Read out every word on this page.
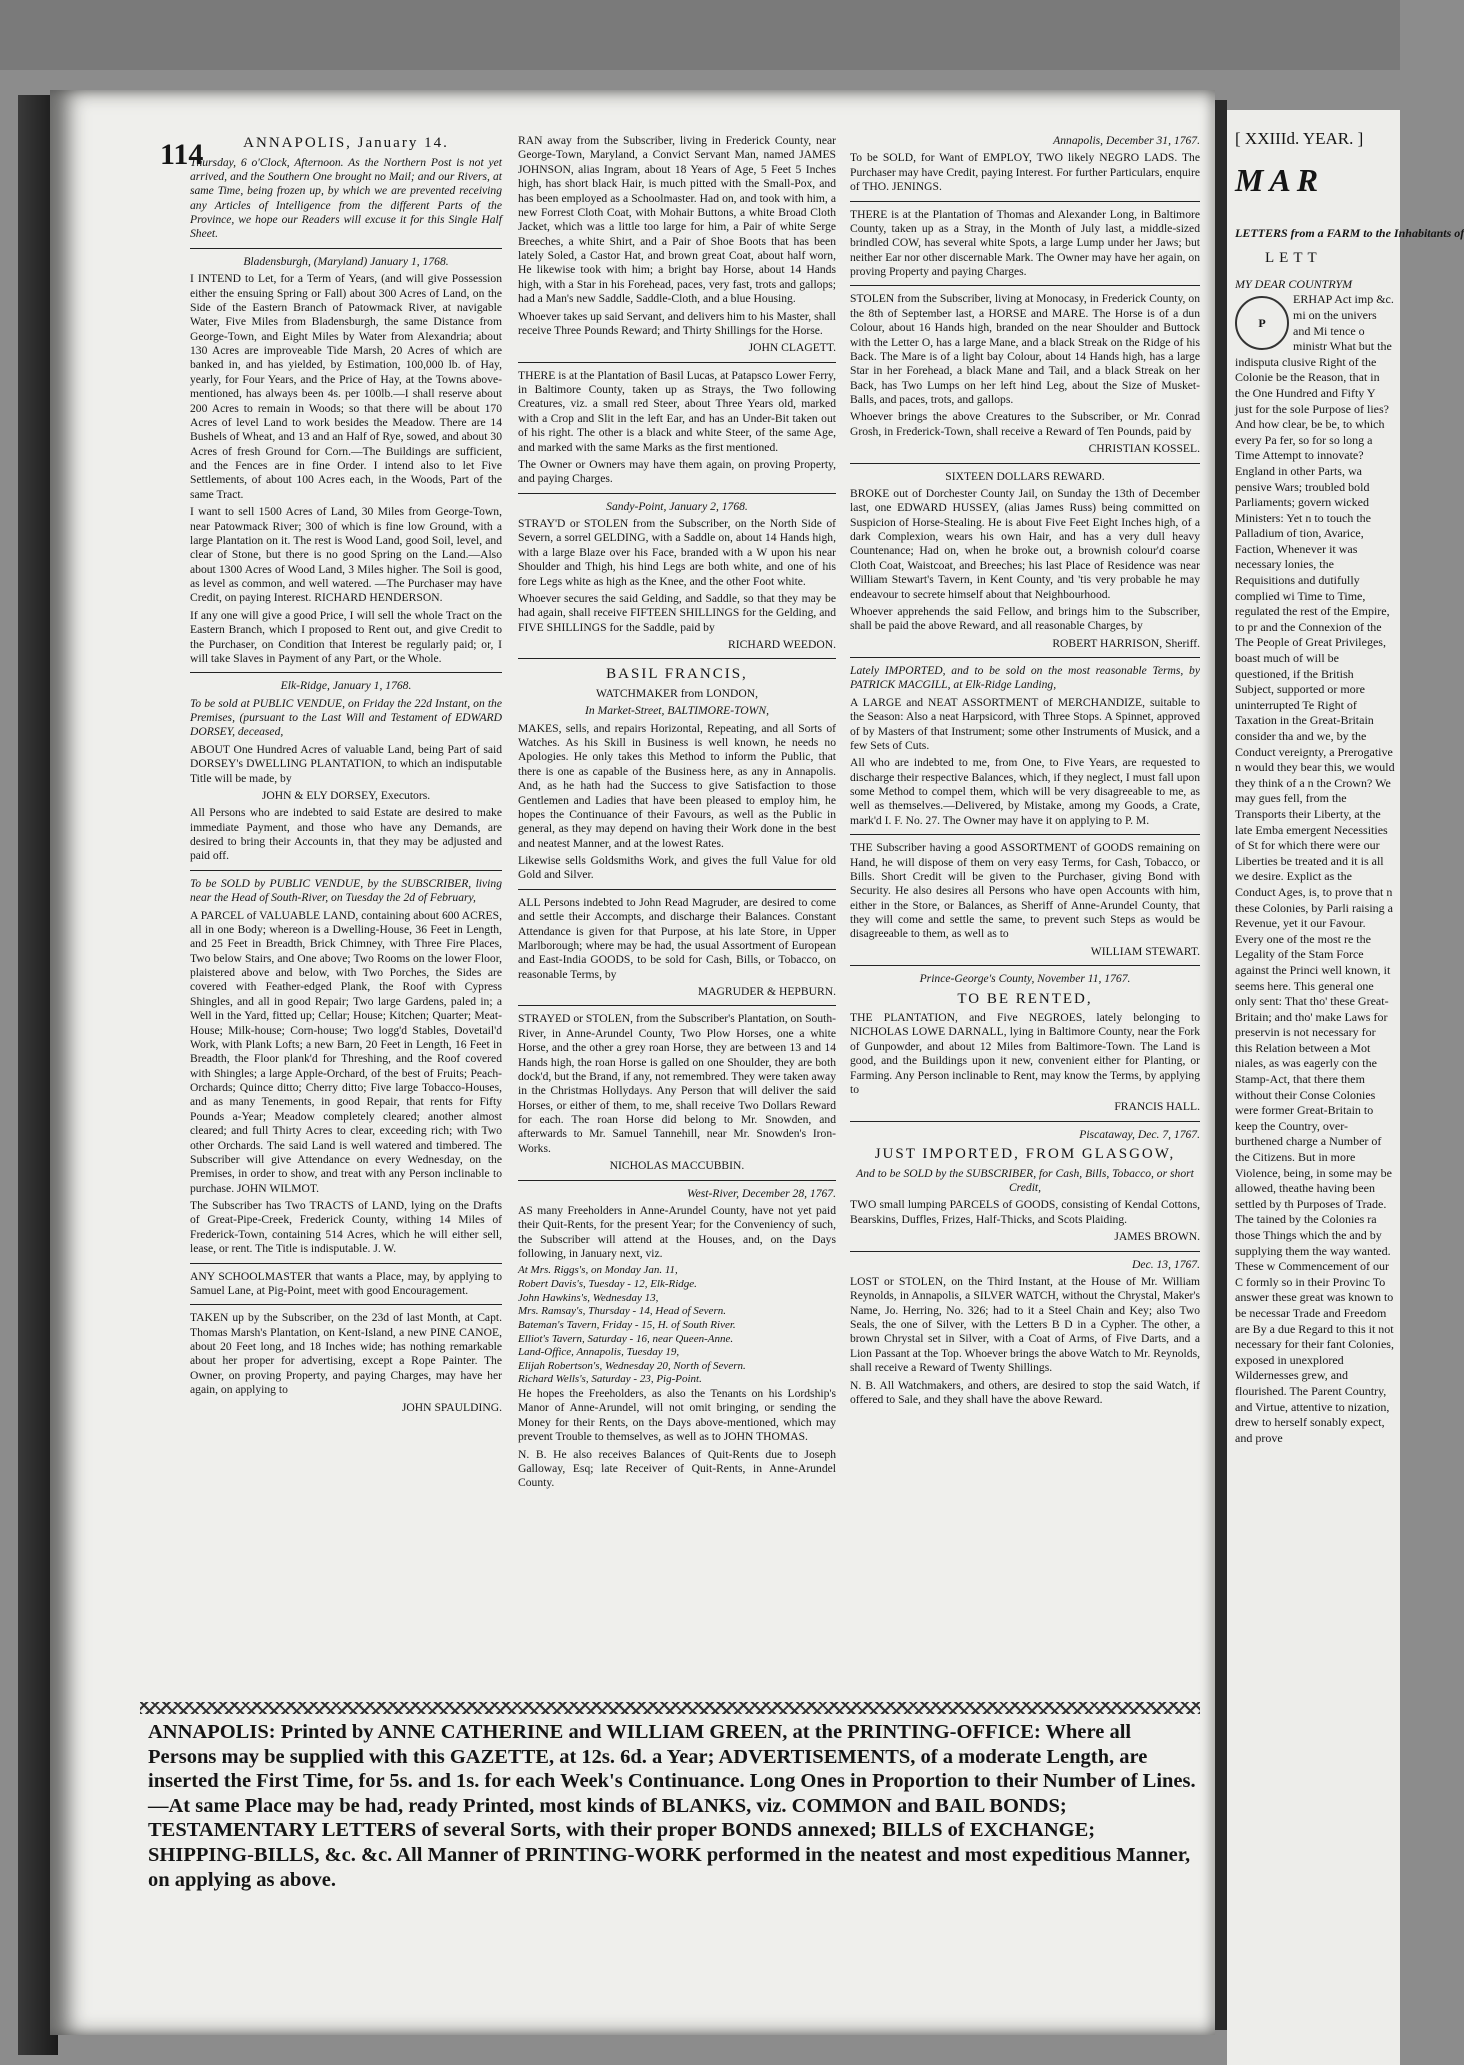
114	ANNAPOLIS, January 14.

Thursday, 6 o'Clock, Afternoon. As the Northern Post is not yet arrived, and the Southern One brought no Mail; and our Rivers, at same Time, being frozen up, by which we are prevented receiving any Articles of Intelligence from the different Parts of the Province, we hope our Readers will excuse it for this Single Half Sheet.

Bladensburgh, (Maryland) January 1, 1768.

I INTEND to Let, for a Term of Years, (and will give Possession either the ensuing Spring or Fall) about 300 Acres of Land, on the Side of the Eastern Branch of Patowmack River, at navigable Water, Five Miles from Bladensburgh, the same Distance from George-Town, and Eight Miles by Water from Alexandria; about 130 Acres are improveable Tide Marsh, 20 Acres of which are banked in, and has yielded, by Estimation, 100,000 lb. of Hay, yearly, for Four Years, and the Price of Hay, at the Towns above-mentioned, has always been 4s. per 100lb.—I shall reserve about 200 Acres to remain in Woods; so that there will be about 170 Acres of level Land to work besides the Meadow. There are 14 Bushels of Wheat, and 13 and an Half of Rye, sowed, and about 30 Acres of fresh Ground for Corn.—The Buildings are sufficient, and the Fences are in fine Order. I intend also to let Five Settlements, of about 100 Acres each, in the Woods, Part of the same Tract.

I want to sell 1500 Acres of Land, 30 Miles from George-Town, near Patowmack River; 300 of which is fine low Ground, with a large Plantation on it. The rest is Wood Land, good Soil, level, and clear of Stone, but there is no good Spring on the Land.—Also about 1300 Acres of Wood Land, 3 Miles higher. The Soil is good, as level as common, and well watered. —The Purchaser may have Credit, on paying Interest. RICHARD HENDERSON.

If any one will give a good Price, I will sell the whole Tract on the Eastern Branch, which I proposed to Rent out, and give Credit to the Purchaser, on Condition that Interest be regularly paid; or, I will take Slaves in Payment of any Part, or the Whole.

Elk-Ridge, January 1, 1768.

To be sold at PUBLIC VENDUE, on Friday the 22d Instant, on the Premises, (pursuant to the Last Will and Testament of EDWARD DORSEY, deceased,

ABOUT One Hundred Acres of valuable Land, being Part of said DORSEY's DWELLING PLANTATION, to which an indisputable Title will be made, by

JOHN & ELY DORSEY, Executors.

All Persons who are indebted to said Estate are desired to make immediate Payment, and those who have any Demands, are desired to bring their Accounts in, that they may be adjusted and paid off.

To be SOLD by PUBLIC VENDUE, by the SUBSCRIBER, living near the Head of South-River, on Tuesday the 2d of February,

A PARCEL of VALUABLE LAND, containing about 600 ACRES, all in one Body; whereon is a Dwelling-House, 36 Feet in Length, and 25 Feet in Breadth, Brick Chimney, with Three Fire Places, Two below Stairs, and One above; Two Rooms on the lower Floor, plaistered above and below, with Two Porches, the Sides are covered with Feather-edged Plank, the Roof with Cypress Shingles, and all in good Repair; Two large Gardens, paled in; a Well in the Yard, fitted up; Cellar; House; Kitchen; Quarter; Meat-House; Milk-house; Corn-house; Two logg'd Stables, Dovetail'd Work, with Plank Lofts; a new Barn, 20 Feet in Length, 16 Feet in Breadth, the Floor plank'd for Threshing, and the Roof covered with Shingles; a large Apple-Orchard, of the best of Fruits; Peach-Orchards; Quince ditto; Cherry ditto; Five large Tobacco-Houses, and as many Tenements, in good Repair, that rents for Fifty Pounds a-Year; Meadow completely cleared; another almost cleared; and full Thirty Acres to clear, exceeding rich; with Two other Orchards. The said Land is well watered and timbered. The Subscriber will give Attendance on every Wednesday, on the Premises, in order to show, and treat with any Person inclinable to purchase. JOHN WILMOT.

The Subscriber has Two TRACTS of LAND, lying on the Drafts of Great-Pipe-Creek, Frederick County, withing 14 Miles of Frederick-Town, containing 514 Acres, which he will either sell, lease, or rent. The Title is indisputable. J. W.

ANY SCHOOLMASTER that wants a Place, may, by applying to Samuel Lane, at Pig-Point, meet with good Encouragement.

TAKEN up by the Subscriber, on the 23d of last Month, at Capt. Thomas Marsh's Plantation, on Kent-Island, a new PINE CANOE, about 20 Feet long, and 18 Inches wide; has nothing remarkable about her proper for advertising, except a Rope Painter. The Owner, on proving Property, and paying Charges, may have her again, on applying to

JOHN SPAULDING.

RAN away from the Subscriber, living in Frederick County, near George-Town, Maryland, a Convict Servant Man, named JAMES JOHNSON, alias Ingram, about 18 Years of Age, 5 Feet 5 Inches high, has short black Hair, is much pitted with the Small-Pox, and has been employed as a Schoolmaster. Had on, and took with him, a new Forrest Cloth Coat, with Mohair Buttons, a white Broad Cloth Jacket, which was a little too large for him, a Pair of white Serge Breeches, a white Shirt, and a Pair of Shoe Boots that has been lately Soled, a Castor Hat, and brown great Coat, about half worn, He likewise took with him; a bright bay Horse, about 14 Hands high, with a Star in his Forehead, paces, very fast, trots and gallops; had a Man's new Saddle, Saddle-Cloth, and a blue Housing.

Whoever takes up said Servant, and delivers him to his Master, shall receive Three Pounds Reward; and Thirty Shillings for the Horse.

JOHN CLAGETT.

THERE is at the Plantation of Basil Lucas, at Patapsco Lower Ferry, in Baltimore County, taken up as Strays, the Two following Creatures, viz. a small red Steer, about Three Years old, marked with a Crop and Slit in the left Ear, and has an Under-Bit taken out of his right. The other is a black and white Steer, of the same Age, and marked with the same Marks as the first mentioned.

The Owner or Owners may have them again, on proving Property, and paying Charges.

Sandy-Point, January 2, 1768.

STRAY'D or STOLEN from the Subscriber, on the North Side of Severn, a sorrel GELDING, with a Saddle on, about 14 Hands high, with a large Blaze over his Face, branded with a W upon his near Shoulder and Thigh, his hind Legs are both white, and one of his fore Legs white as high as the Knee, and the other Foot white.

Whoever secures the said Gelding, and Saddle, so that they may be had again, shall receive FIFTEEN SHILLINGS for the Gelding, and FIVE SHILLINGS for the Saddle, paid by

RICHARD WEEDON.

BASIL FRANCIS,

WATCHMAKER from LONDON,

In Market-Street, BALTIMORE-TOWN,

MAKES, sells, and repairs Horizontal, Repeating, and all Sorts of Watches. As his Skill in Business is well known, he needs no Apologies. He only takes this Method to inform the Public, that there is one as capable of the Business here, as any in Annapolis. And, as he hath had the Success to give Satisfaction to those Gentlemen and Ladies that have been pleased to employ him, he hopes the Continuance of their Favours, as well as the Public in general, as they may depend on having their Work done in the best and neatest Manner, and at the lowest Rates.

Likewise sells Goldsmiths Work, and gives the full Value for old Gold and Silver.

ALL Persons indebted to John Read Magruder, are desired to come and settle their Accompts, and discharge their Balances. Constant Attendance is given for that Purpose, at his late Store, in Upper Marlborough; where may be had, the usual Assortment of European and East-India GOODS, to be sold for Cash, Bills, or Tobacco, on reasonable Terms, by

MAGRUDER & HEPBURN.

STRAYED or STOLEN, from the Subscriber's Plantation, on South-River, in Anne-Arundel County, Two Plow Horses, one a white Horse, and the other a grey roan Horse, they are between 13 and 14 Hands high, the roan Horse is galled on one Shoulder, they are both dock'd, but the Brand, if any, not remembred. They were taken away in the Christmas Hollydays. Any Person that will deliver the said Horses, or either of them, to me, shall receive Two Dollars Reward for each. The roan Horse did belong to Mr. Snowden, and afterwards to Mr. Samuel Tannehill, near Mr. Snowden's Iron-Works.

NICHOLAS MACCUBBIN.

West-River, December 28, 1767.

AS many Freeholders in Anne-Arundel County, have not yet paid their Quit-Rents, for the present Year; for the Conveniency of such, the Subscriber will attend at the Houses, and, on the Days following, in January next, viz.

At Mrs. Riggs's, on Monday Jan. 11,
Robert Davis's, Tuesday - 12, Elk-Ridge.
John Hawkins's, Wednesday 13,
Mrs. Ramsay's, Thursday - 14, Head of Severn.
Bateman's Tavern, Friday - 15, H. of South River.
Elliot's Tavern, Saturday - 16, near Queen-Anne.
Land-Office, Annapolis, Tuesday 19,
Elijah Robertson's, Wednesday 20, North of Severn.
Richard Wells's, Saturday - 23, Pig-Point.

He hopes the Freeholders, as also the Tenants on his Lordship's Manor of Anne-Arundel, will not omit bringing, or sending the Money for their Rents, on the Days above-mentioned, which may prevent Trouble to themselves, as well as to JOHN THOMAS.

N. B. He also receives Balances of Quit-Rents due to Joseph Galloway, Esq; late Receiver of Quit-Rents, in Anne-Arundel County.

Annapolis, December 31, 1767.

To be SOLD, for Want of EMPLOY, TWO likely NEGRO LADS. The Purchaser may have Credit, paying Interest. For further Particulars, enquire of THO. JENINGS.

THERE is at the Plantation of Thomas and Alexander Long, in Baltimore County, taken up as a Stray, in the Month of July last, a middle-sized brindled COW, has several white Spots, a large Lump under her Jaws; but neither Ear nor other discernable Mark. The Owner may have her again, on proving Property and paying Charges.

STOLEN from the Subscriber, living at Monocasy, in Frederick County, on the 8th of September last, a HORSE and MARE. The Horse is of a dun Colour, about 16 Hands high, branded on the near Shoulder and Buttock with the Letter O, has a large Mane, and a black Streak on the Ridge of his Back. The Mare is of a light bay Colour, about 14 Hands high, has a large Star in her Forehead, a black Mane and Tail, and a black Streak on her Back, has Two Lumps on her left hind Leg, about the Size of Musket-Balls, and paces, trots, and gallops.

Whoever brings the above Creatures to the Subscriber, or Mr. Conrad Grosh, in Frederick-Town, shall receive a Reward of Ten Pounds, paid by

CHRISTIAN KOSSEL.

SIXTEEN DOLLARS REWARD.

BROKE out of Dorchester County Jail, on Sunday the 13th of December last, one EDWARD HUSSEY, (alias James Russ) being committed on Suspicion of Horse-Stealing. He is about Five Feet Eight Inches high, of a dark Complexion, wears his own Hair, and has a very dull heavy Countenance; Had on, when he broke out, a brownish colour'd coarse Cloth Coat, Waistcoat, and Breeches; his last Place of Residence was near William Stewart's Tavern, in Kent County, and 'tis very probable he may endeavour to secrete himself about that Neighbourhood.

Whoever apprehends the said Fellow, and brings him to the Subscriber, shall be paid the above Reward, and all reasonable Charges, by

ROBERT HARRISON, Sheriff.

Lately IMPORTED, and to be sold on the most reasonable Terms, by PATRICK MACGILL, at Elk-Ridge Landing,

A LARGE and NEAT ASSORTMENT of MERCHANDIZE, suitable to the Season: Also a neat Harpsicord, with Three Stops. A Spinnet, approved of by Masters of that Instrument; some other Instruments of Musick, and a few Sets of Cuts.

All who are indebted to me, from One, to Five Years, are requested to discharge their respective Balances, which, if they neglect, I must fall upon some Method to compel them, which will be very disagreeable to me, as well as themselves.—Delivered, by Mistake, among my Goods, a Crate, mark'd I. F. No. 27. The Owner may have it on applying to P. M.

THE Subscriber having a good ASSORTMENT of GOODS remaining on Hand, he will dispose of them on very easy Terms, for Cash, Tobacco, or Bills. Short Credit will be given to the Purchaser, giving Bond with Security. He also desires all Persons who have open Accounts with him, either in the Store, or Balances, as Sheriff of Anne-Arundel County, that they will come and settle the same, to prevent such Steps as would be disagreeable to them, as well as to

WILLIAM STEWART.

Prince-George's County, November 11, 1767.

TO BE RENTED,

THE PLANTATION, and Five NEGROES, lately belonging to NICHOLAS LOWE DARNALL, lying in Baltimore County, near the Fork of Gunpowder, and about 12 Miles from Baltimore-Town. The Land is good, and the Buildings upon it new, convenient either for Planting, or Farming. Any Person inclinable to Rent, may know the Terms, by applying to

FRANCIS HALL.

Piscataway, Dec. 7, 1767.

JUST IMPORTED, FROM GLASGOW,

And to be SOLD by the SUBSCRIBER, for Cash, Bills, Tobacco, or short Credit,

TWO small lumping PARCELS of GOODS, consisting of Kendal Cottons, Bearskins, Duffles, Frizes, Half-Thicks, and Scots Plaiding.

JAMES BROWN.

Dec. 13, 1767.

LOST or STOLEN, on the Third Instant, at the House of Mr. William Reynolds, in Annapolis, a SILVER WATCH, without the Chrystal, Maker's Name, Jo. Herring, No. 326; had to it a Steel Chain and Key; also Two Seals, the one of Silver, with the Letters B D in a Cypher. The other, a brown Chrystal set in Silver, with a Coat of Arms, of Five Darts, and a Lion Passant at the Top. Whoever brings the above Watch to Mr. Reynolds, shall receive a Reward of Twenty Shillings.

N. B. All Watchmakers, and others, are desired to stop the said Watch, if offered to Sale, and they shall have the above Reward.

ANNAPOLIS: Printed by ANNE CATHERINE and WILLIAM GREEN, at the PRINTING-OFFICE: Where all Persons may be supplied with this GAZETTE, at 12s. 6d. a Year; ADVERTISEMENTS, of a moderate Length, are inserted the First Time, for 5s. and 1s. for each Week's Continuance. Long Ones in Proportion to their Number of Lines.—At same Place may be had, ready Printed, most kinds of BLANKS, viz. COMMON and BAIL BONDS; TESTAMENTARY LETTERS of several Sorts, with their proper BONDS annexed; BILLS of EXCHANGE; SHIPPING-BILLS, &c. &c. All Manner of PRINTING-WORK performed in the neatest and most expeditious Manner, on applying as above.
[ XXIIId. YEAR. ]
MAR
LETTERS from a FARM to the Inhabitants of
LETT
MY DEAR COUNTRYM
P
ERHAP Act imp &c. mi on the univers and Mi tence o ministr What but the indisputa clusive Right of the Colonie be the Reason, that in the One Hundred and Fifty Y just for the sole Purpose of lies? And how clear, be be, to which every Pa fer, so for so long a Time Attempt to innovate? England in other Parts, wa pensive Wars; troubled bold Parliaments; govern wicked Ministers: Yet n to touch the Palladium of tion, Avarice, Faction, Whenever it was necessary lonies, the Requisitions and dutifully complied wi Time to Time, regulated the rest of the Empire, to pr and the Connexion of the The People of Great Privileges, boast much of will be questioned, if the British Subject, supported or more uninterrupted Te Right of Taxation in the Great-Britain consider tha and we, by the Conduct vereignty, a Prerogative n would they bear this, we would they think of a n the Crown? We may gues fell, from the Transports their Liberty, at the late Emba emergent Necessities of St for which there were our Liberties be treated and it is all we desire. Explict as the Conduct Ages, is, to prove that n these Colonies, by Parli raising a Revenue, yet it our Favour. Every one of the most re the Legality of the Stam Force against the Princi well known, it seems here. This general one only sent: That tho' these Great-Britain; and tho' make Laws for preservin is not necessary for this Relation between a Mot niales, as was eagerly con the Stamp-Act, that there them without their Conse Colonies were former Great-Britain to keep the Country, over-burthened charge a Number of the Citizens. But in more Violence, being, in some may be allowed, theathe having been settled by th Purposes of Trade. The tained by the Colonies ra those Things which the and by supplying them the way wanted. These w Commencement of our C formly so in their Provinc To answer these great was known to be necessar Trade and Freedom are By a due Regard to this it not necessary for their fant Colonies, exposed in unexplored Wildernesses grew, and flourished. The Parent Country, and Virtue, attentive to nization, drew to herself sonably expect, and prove
